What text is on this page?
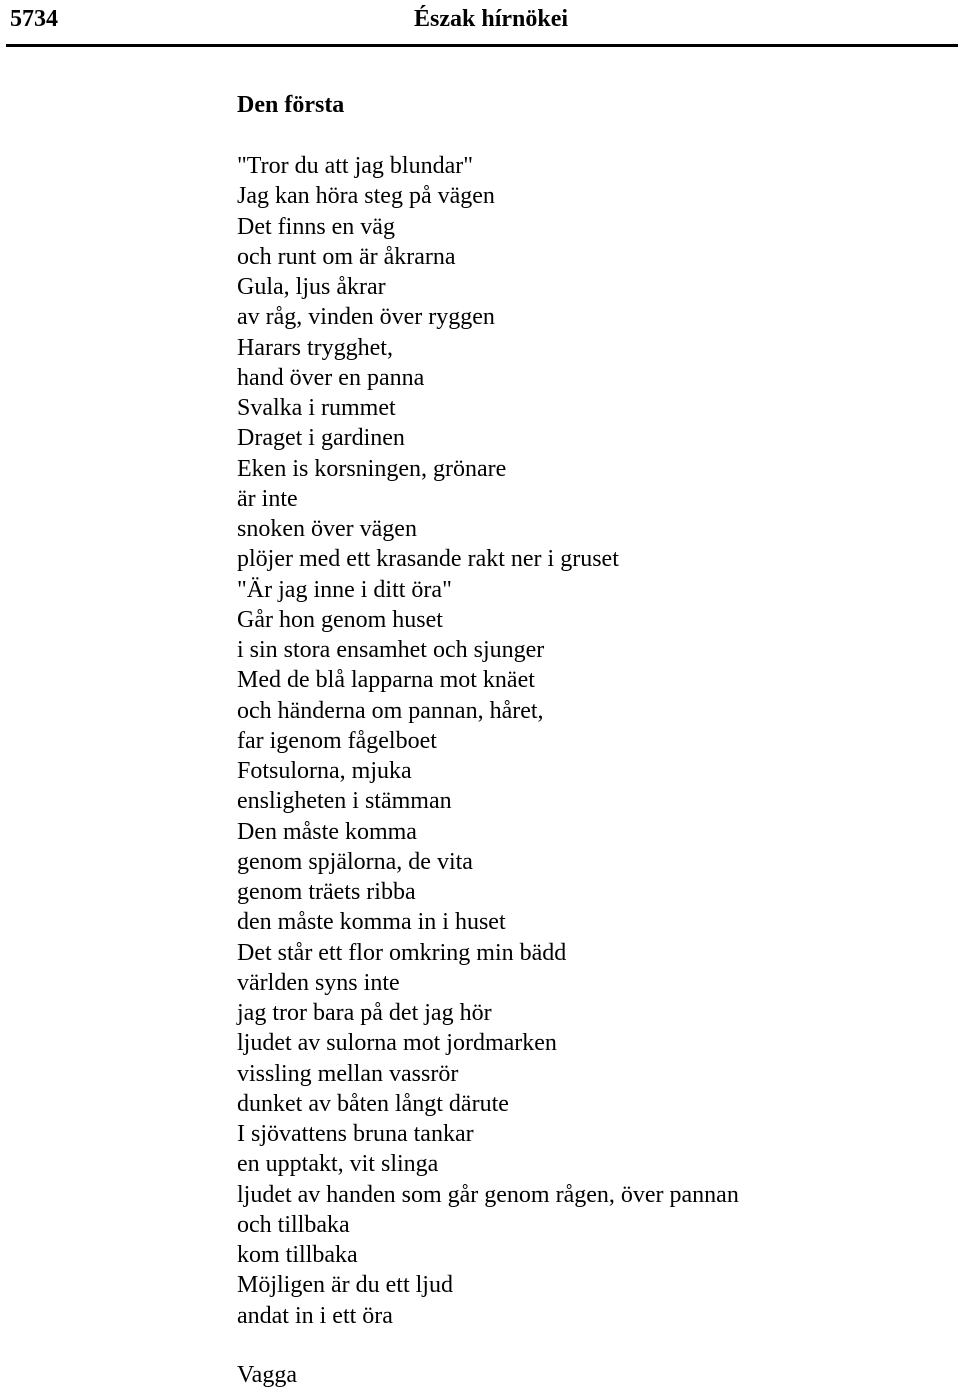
5734	Észak hírnökei
Den första
"Tror du att jag blundar"
Jag kan höra steg på vägen
Det finns en väg
och runt om är åkrarna
Gula, ljus åkrar
av råg, vinden över ryggen
Harars trygghet,
hand över en panna
Svalka i rummet
Draget i gardinen
Eken is korsningen, grönare
är inte
snoken över vägen
plöjer med ett krasande rakt ner i gruset
"Är jag inne i ditt öra"
Går hon genom huset
i sin stora ensamhet och sjunger
Med de blå lapparna mot knäet
och händerna om pannan, håret,
far igenom fågelboet
Fotsulorna, mjuka
ensligheten i stämman
Den måste komma
genom spjälorna, de vita
genom träets ribba
den måste komma in i huset
Det står ett flor omkring min bädd
världen syns inte
jag tror bara på det jag hör
ljudet av sulorna mot jordmarken
vissling mellan vassrör
dunket av båten långt därute
I sjövattens bruna tankar
en upptakt, vit slinga
ljudet av handen som går genom rågen, över pannan
och tillbaka
kom tillbaka
Möjligen är du ett ljud
andat in i ett öra
Vagga
